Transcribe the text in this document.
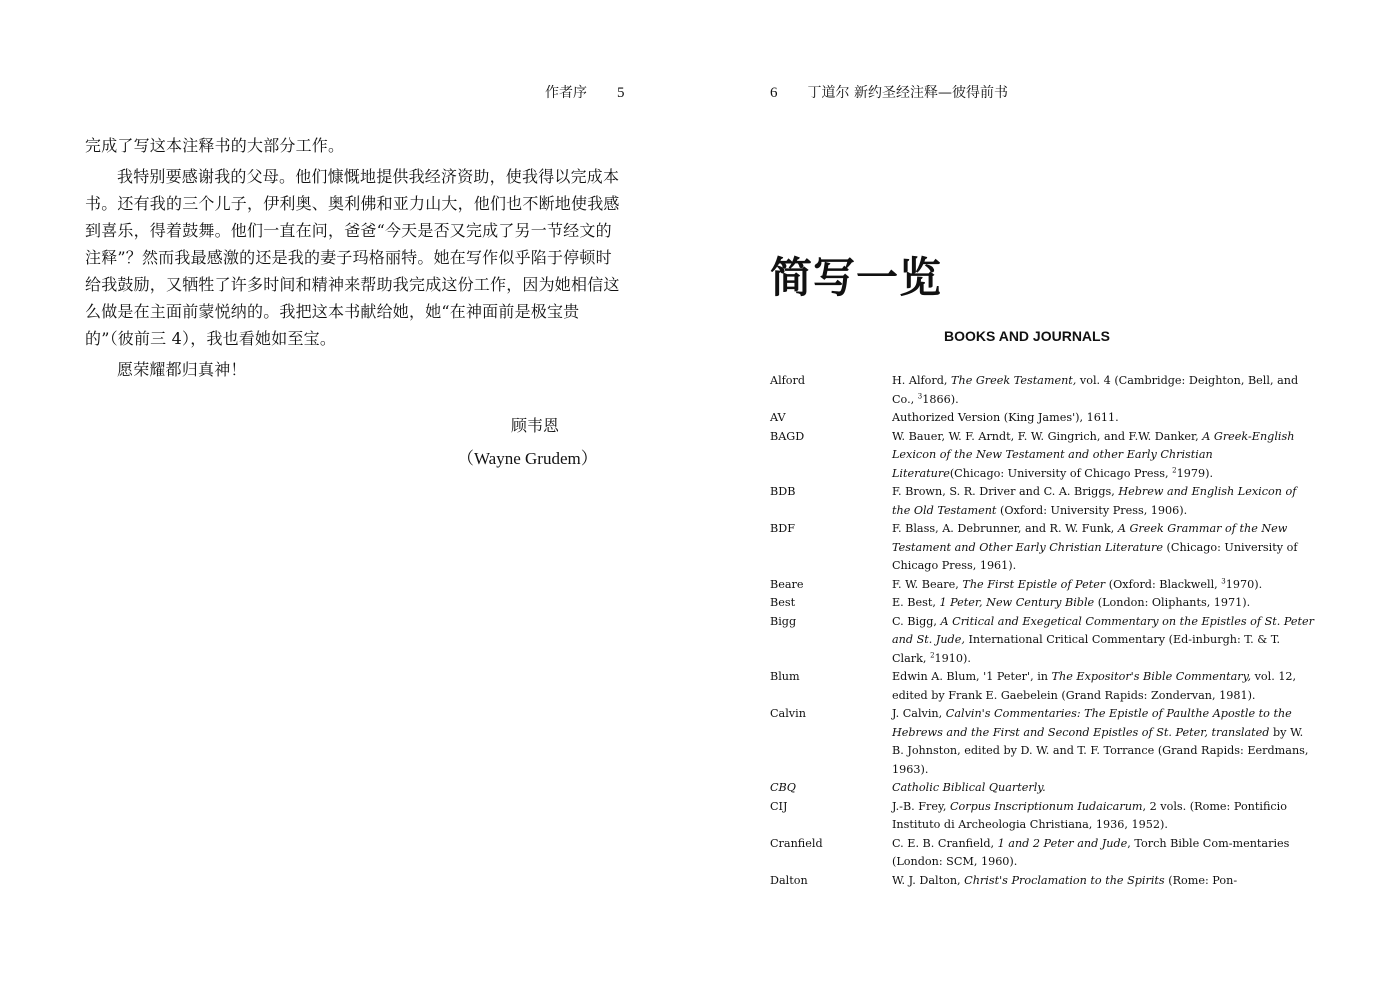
作者序 5

完成了写这本注释书的大部分工作。

我特别要感谢我的父母。他们慷慨地提供我经济资助，使我得以完成本书。还有我的三个儿子，伊利奥、奥利佛和亚力山大，他们也不断地使我感到喜乐，得着鼓舞。他们一直在问，爸爸“今天是否又完成了另一节经文的注释”？然而我最感激的还是我的妻子玛格丽特。她在写作似乎陷于停顿时给我鼓励，又牺牲了许多时间和精神来帮助我完成这份工作，因为她相信这么做是在主面前蒙悦纳的。我把这本书献给她，她“在神面前是极宝贵的”（彼前三 4），我也看她如至宝。

愿荣耀都归真神！

顾韦恩
（Wayne Grudem）
6 丁道尔 新约圣经注释—彼得前书
简写一览
BOOKS AND JOURNALS
Alford	H. Alford, The Greek Testament, vol. 4 (Cambridge: Deighton, Bell, and Co., $^3$1866).
AV	Authorized Version (King James'), 1611.
BAGD	W. Bauer, W. F. Arndt, F. W. Gingrich, and F.W. Danker, A Greek-English Lexicon of the New Testament and other Early Christian Literature(Chicago: University of Chicago Press, $^2$1979).
BDB	F. Brown, S. R. Driver and C. A. Briggs, Hebrew and English Lexicon of the Old Testament (Oxford: University Press, 1906).
BDF	F. Blass, A. Debrunner, and R. W. Funk, A Greek Grammar of the New Testament and Other Early Christian Literature (Chicago: University of Chicago Press, 1961).
Beare	F. W. Beare, The First Epistle of Peter (Oxford: Blackwell, $^3$1970).
Best	E. Best, 1 Peter, New Century Bible (London: Oliphants, 1971).
Bigg	C. Bigg, A Critical and Exegetical Commentary on the Epistles of St. Peter and St. Jude, International Critical Commentary (Ed-inburgh: T. & T. Clark, $^2$1910).
Blum	Edwin A. Blum, '1 Peter', in The Expositor's Bible Commentary, vol. 12, edited by Frank E. Gaebelein (Grand Rapids: Zondervan, 1981).
Calvin	J. Calvin, Calvin's Commentaries: The Epistle of Paulthe Apostle to the Hebrews and the First and Second Epistles of St. Peter, translated by W. B. Johnston, edited by D. W. and T. F. Torrance (Grand Rapids: Eerdmans, 1963).
CBQ	Catholic Biblical Quarterly.
CIJ	J.-B. Frey, Corpus Inscriptionum Iudaicarum, 2 vols. (Rome: Pontificio Instituto di Archeologia Christiana, 1936, 1952).
Cranfield	C. E. B. Cranfield, 1 and 2 Peter and Jude, Torch Bible Com-mentaries (London: SCM, 1960).
Dalton	W. J. Dalton, Christ's Proclamation to the Spirits (Rome: Pon-
